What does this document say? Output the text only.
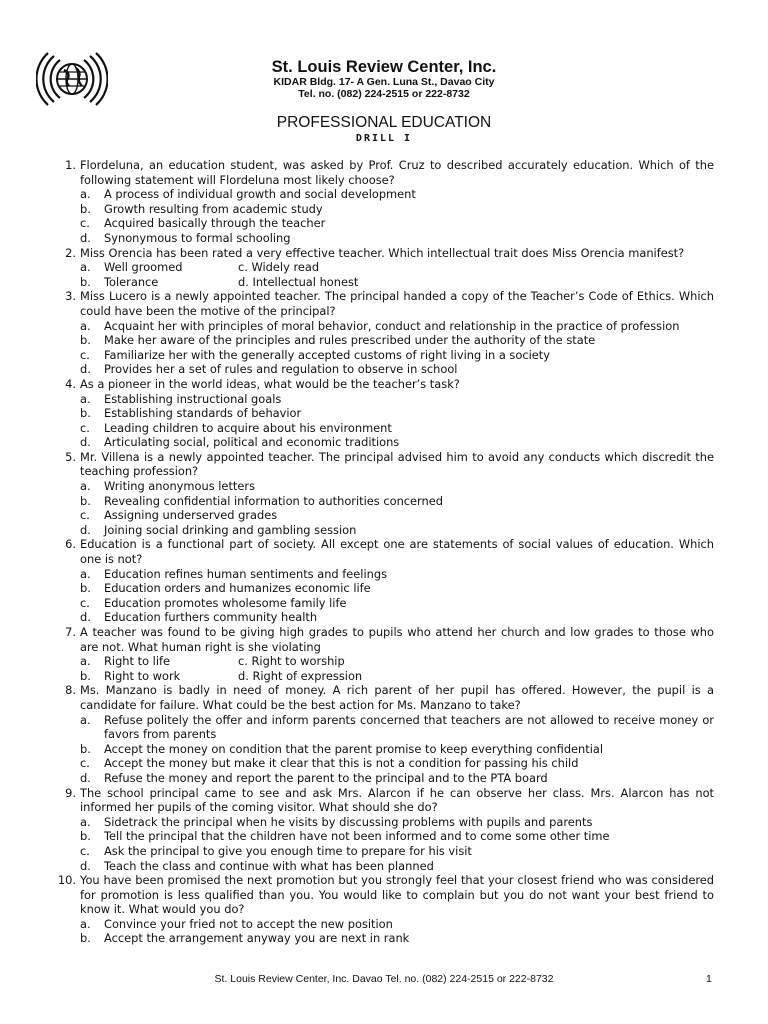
St. Louis Review Center, Inc.
KIDAR Bldg. 17- A Gen. Luna St., Davao City
Tel. no. (082) 224-2515 or 222-8732
PROFESSIONAL EDUCATION
DRILL I
1. Flordeluna, an education student, was asked by Prof. Cruz to described accurately education. Which of the following statement will Flordeluna most likely choose?
a. A process of individual growth and social development
b. Growth resulting from academic study
c. Acquired basically through the teacher
d. Synonymous to formal schooling
2. Miss Orencia has been rated a very effective teacher. Which intellectual trait does Miss Orencia manifest?
a. Well groomed	c. Widely read
b. Tolerance	d. Intellectual honest
3. Miss Lucero is a newly appointed teacher. The principal handed a copy of the Teacher’s Code of Ethics. Which could have been the motive of the principal?
a. Acquaint her with principles of moral behavior, conduct and relationship in the practice of profession
b. Make her aware of the principles and rules prescribed under the authority of the state
c. Familiarize her with the generally accepted customs of right living in a society
d. Provides her a set of rules and regulation to observe in school
4. As a pioneer in the world ideas, what would be the teacher’s task?
a. Establishing instructional goals
b. Establishing standards of behavior
c. Leading children to acquire about his environment
d. Articulating social, political and economic traditions
5. Mr. Villena is a newly appointed teacher. The principal advised him to avoid any conducts which discredit the teaching profession?
a. Writing anonymous letters
b. Revealing confidential information to authorities concerned
c. Assigning underserved grades
d. Joining social drinking and gambling session
6. Education is a functional part of society. All except one are statements of social values of education. Which one is not?
a. Education refines human sentiments and feelings
b. Education orders and humanizes economic life
c. Education promotes wholesome family life
d. Education furthers community health
7. A teacher was found to be giving high grades to pupils who attend her church and low grades to those who are not. What human right is she violating
a. Right to life	c. Right to worship
b. Right to work	d. Right of expression
8. Ms. Manzano is badly in need of money. A rich parent of her pupil has offered. However, the pupil is a candidate for failure. What could be the best action for Ms. Manzano to take?
a. Refuse politely the offer and inform parents concerned that teachers are not allowed to receive money or favors from parents
b. Accept the money on condition that the parent promise to keep everything confidential
c. Accept the money but make it clear that this is not a condition for passing his child
d. Refuse the money and report the parent to the principal and to the PTA board
9. The school principal came to see and ask Mrs. Alarcon if he can observe her class. Mrs. Alarcon has not informed her pupils of the coming visitor. What should she do?
a. Sidetrack the principal when he visits by discussing problems with pupils and parents
b. Tell the principal that the children have not been informed and to come some other time
c. Ask the principal to give you enough time to prepare for his visit
d. Teach the class and continue with what has been planned
10. You have been promised the next promotion but you strongly feel that your closest friend who was considered for promotion is less qualified than you. You would like to complain but you do not want your best friend to know it. What would you do?
a. Convince your fried not to accept the new position
b. Accept the arrangement anyway you are next in rank
St. Louis Review Center, Inc. Davao Tel. no. (082) 224-2515 or 222-8732	1
